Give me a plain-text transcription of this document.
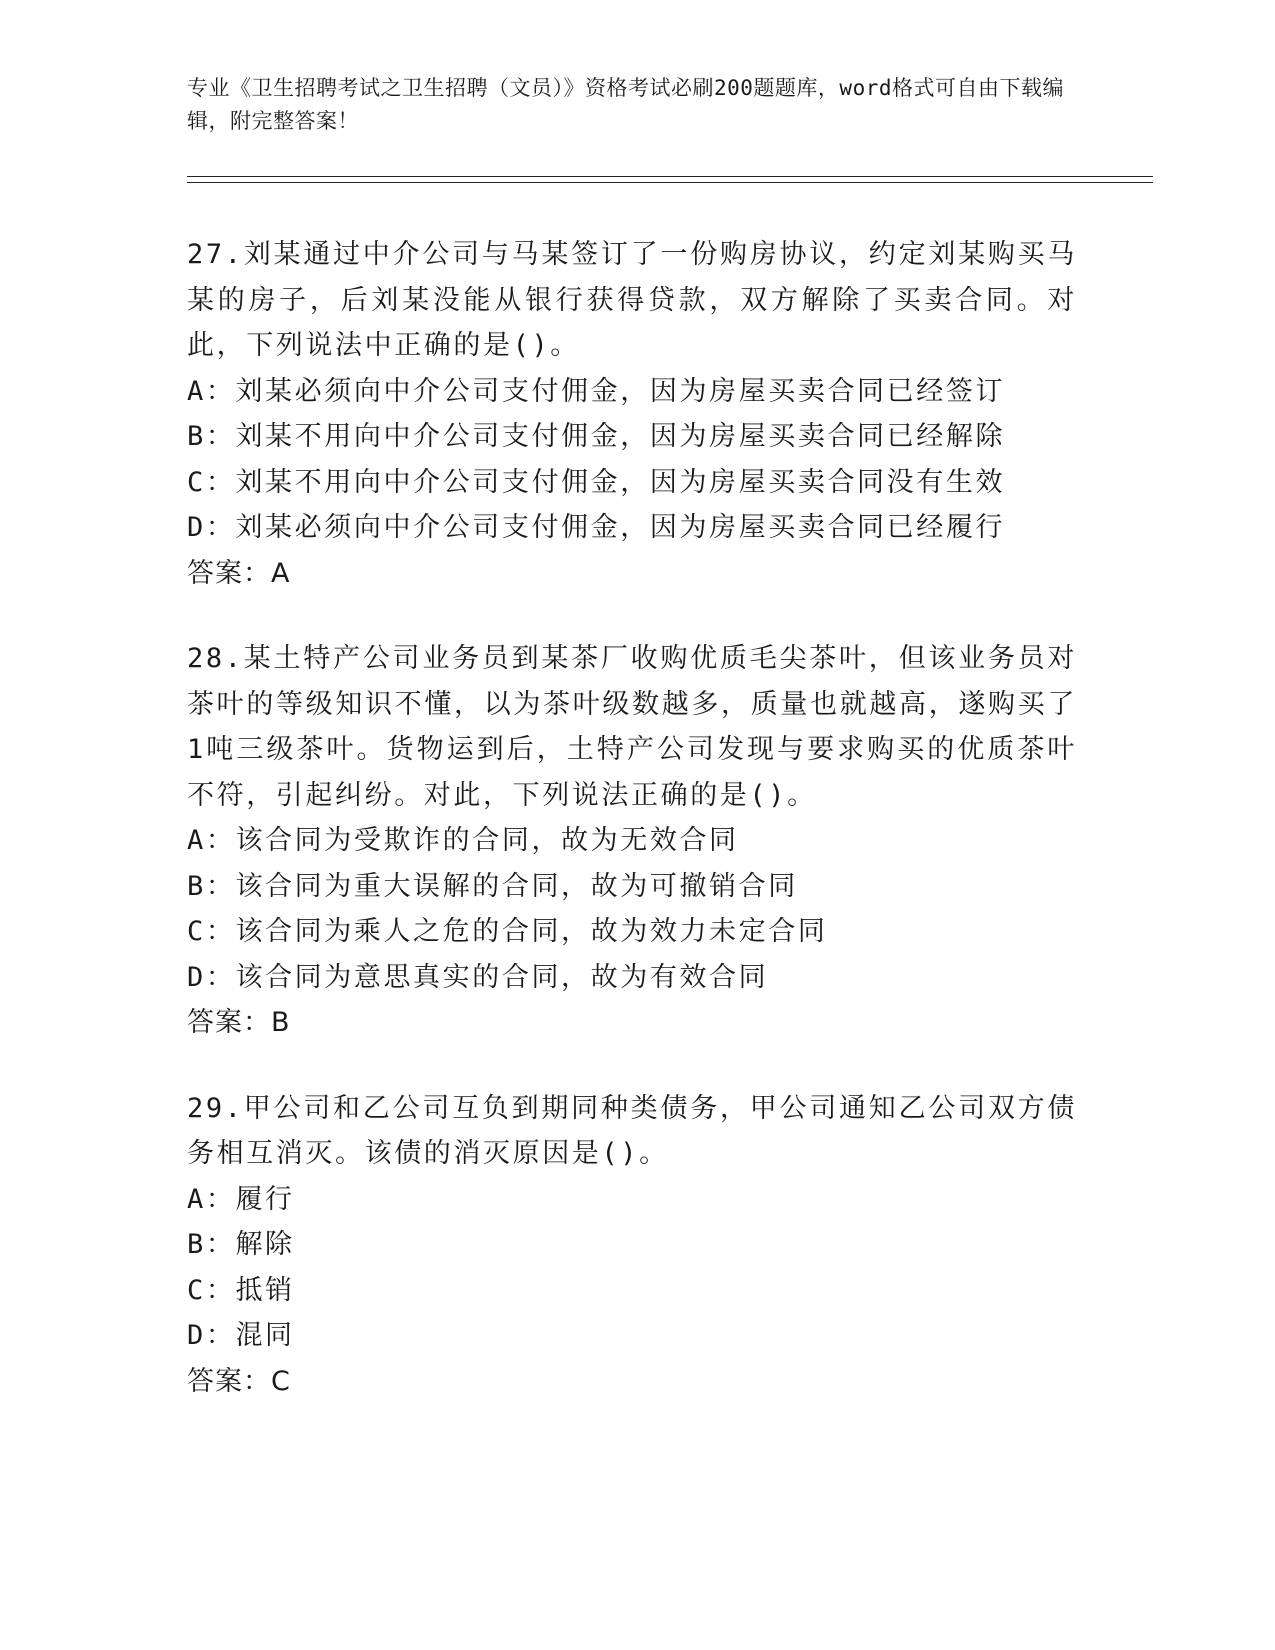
专业《卫生招聘考试之卫生招聘（文员）》资格考试必刷200题题库，word格式可自由下载编辑，附完整答案！
27.刘某通过中介公司与马某签订了一份购房协议，约定刘某购买马某的房子，后刘某没能从银行获得贷款，双方解除了买卖合同。对此，下列说法中正确的是()。
A：刘某必须向中介公司支付佣金，因为房屋买卖合同已经签订
B：刘某不用向中介公司支付佣金，因为房屋买卖合同已经解除
C：刘某不用向中介公司支付佣金，因为房屋买卖合同没有生效
D：刘某必须向中介公司支付佣金，因为房屋买卖合同已经履行
答案：A
28.某土特产公司业务员到某茶厂收购优质毛尖茶叶，但该业务员对茶叶的等级知识不懂，以为茶叶级数越多，质量也就越高，遂购买了1吨三级茶叶。货物运到后，土特产公司发现与要求购买的优质茶叶不符，引起纠纷。对此，下列说法正确的是()。
A：该合同为受欺诈的合同，故为无效合同
B：该合同为重大误解的合同，故为可撤销合同
C：该合同为乘人之危的合同，故为效力未定合同
D：该合同为意思真实的合同，故为有效合同
答案：B
29.甲公司和乙公司互负到期同种类债务，甲公司通知乙公司双方债务相互消灭。该债的消灭原因是()。
A：履行
B：解除
C：抵销
D：混同
答案：C
